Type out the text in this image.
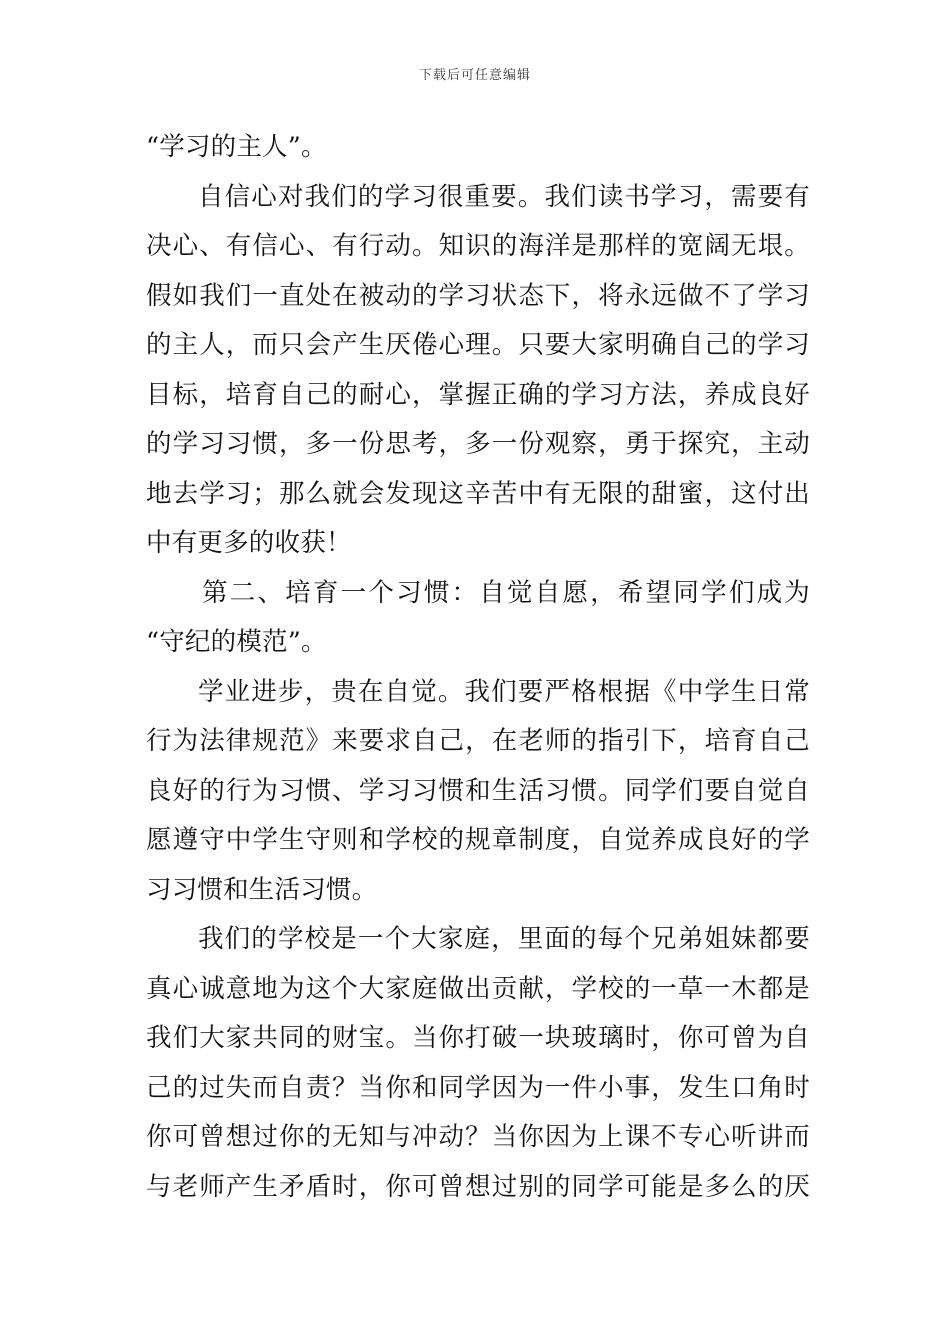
下载后可任意编辑
“学习的主人”。
自信心对我们的学习很重要。我们读书学习，需要有
决心、有信心、有行动。知识的海洋是那样的宽阔无垠。
假如我们一直处在被动的学习状态下，将永远做不了学习
的主人，而只会产生厌倦心理。只要大家明确自己的学习
目标，培育自己的耐心，掌握正确的学习方法，养成良好
的学习习惯，多一份思考，多一份观察，勇于探究，主动
地去学习；那么就会发现这辛苦中有无限的甜蜜，这付出
中有更多的收获！
第二、培育一个习惯：自觉自愿，希望同学们成为
“守纪的模范”。
学业进步，贵在自觉。我们要严格根据《中学生日常
行为法律规范》来要求自己，在老师的指引下，培育自己
良好的行为习惯、学习习惯和生活习惯。同学们要自觉自
愿遵守中学生守则和学校的规章制度，自觉养成良好的学
习习惯和生活习惯。
我们的学校是一个大家庭，里面的每个兄弟姐妹都要
真心诚意地为这个大家庭做出贡献，学校的一草一木都是
我们大家共同的财宝。当你打破一块玻璃时，你可曾为自
己的过失而自责？当你和同学因为一件小事，发生口角时
你可曾想过你的无知与冲动？当你因为上课不专心听讲而
与老师产生矛盾时，你可曾想过别的同学可能是多么的厌
